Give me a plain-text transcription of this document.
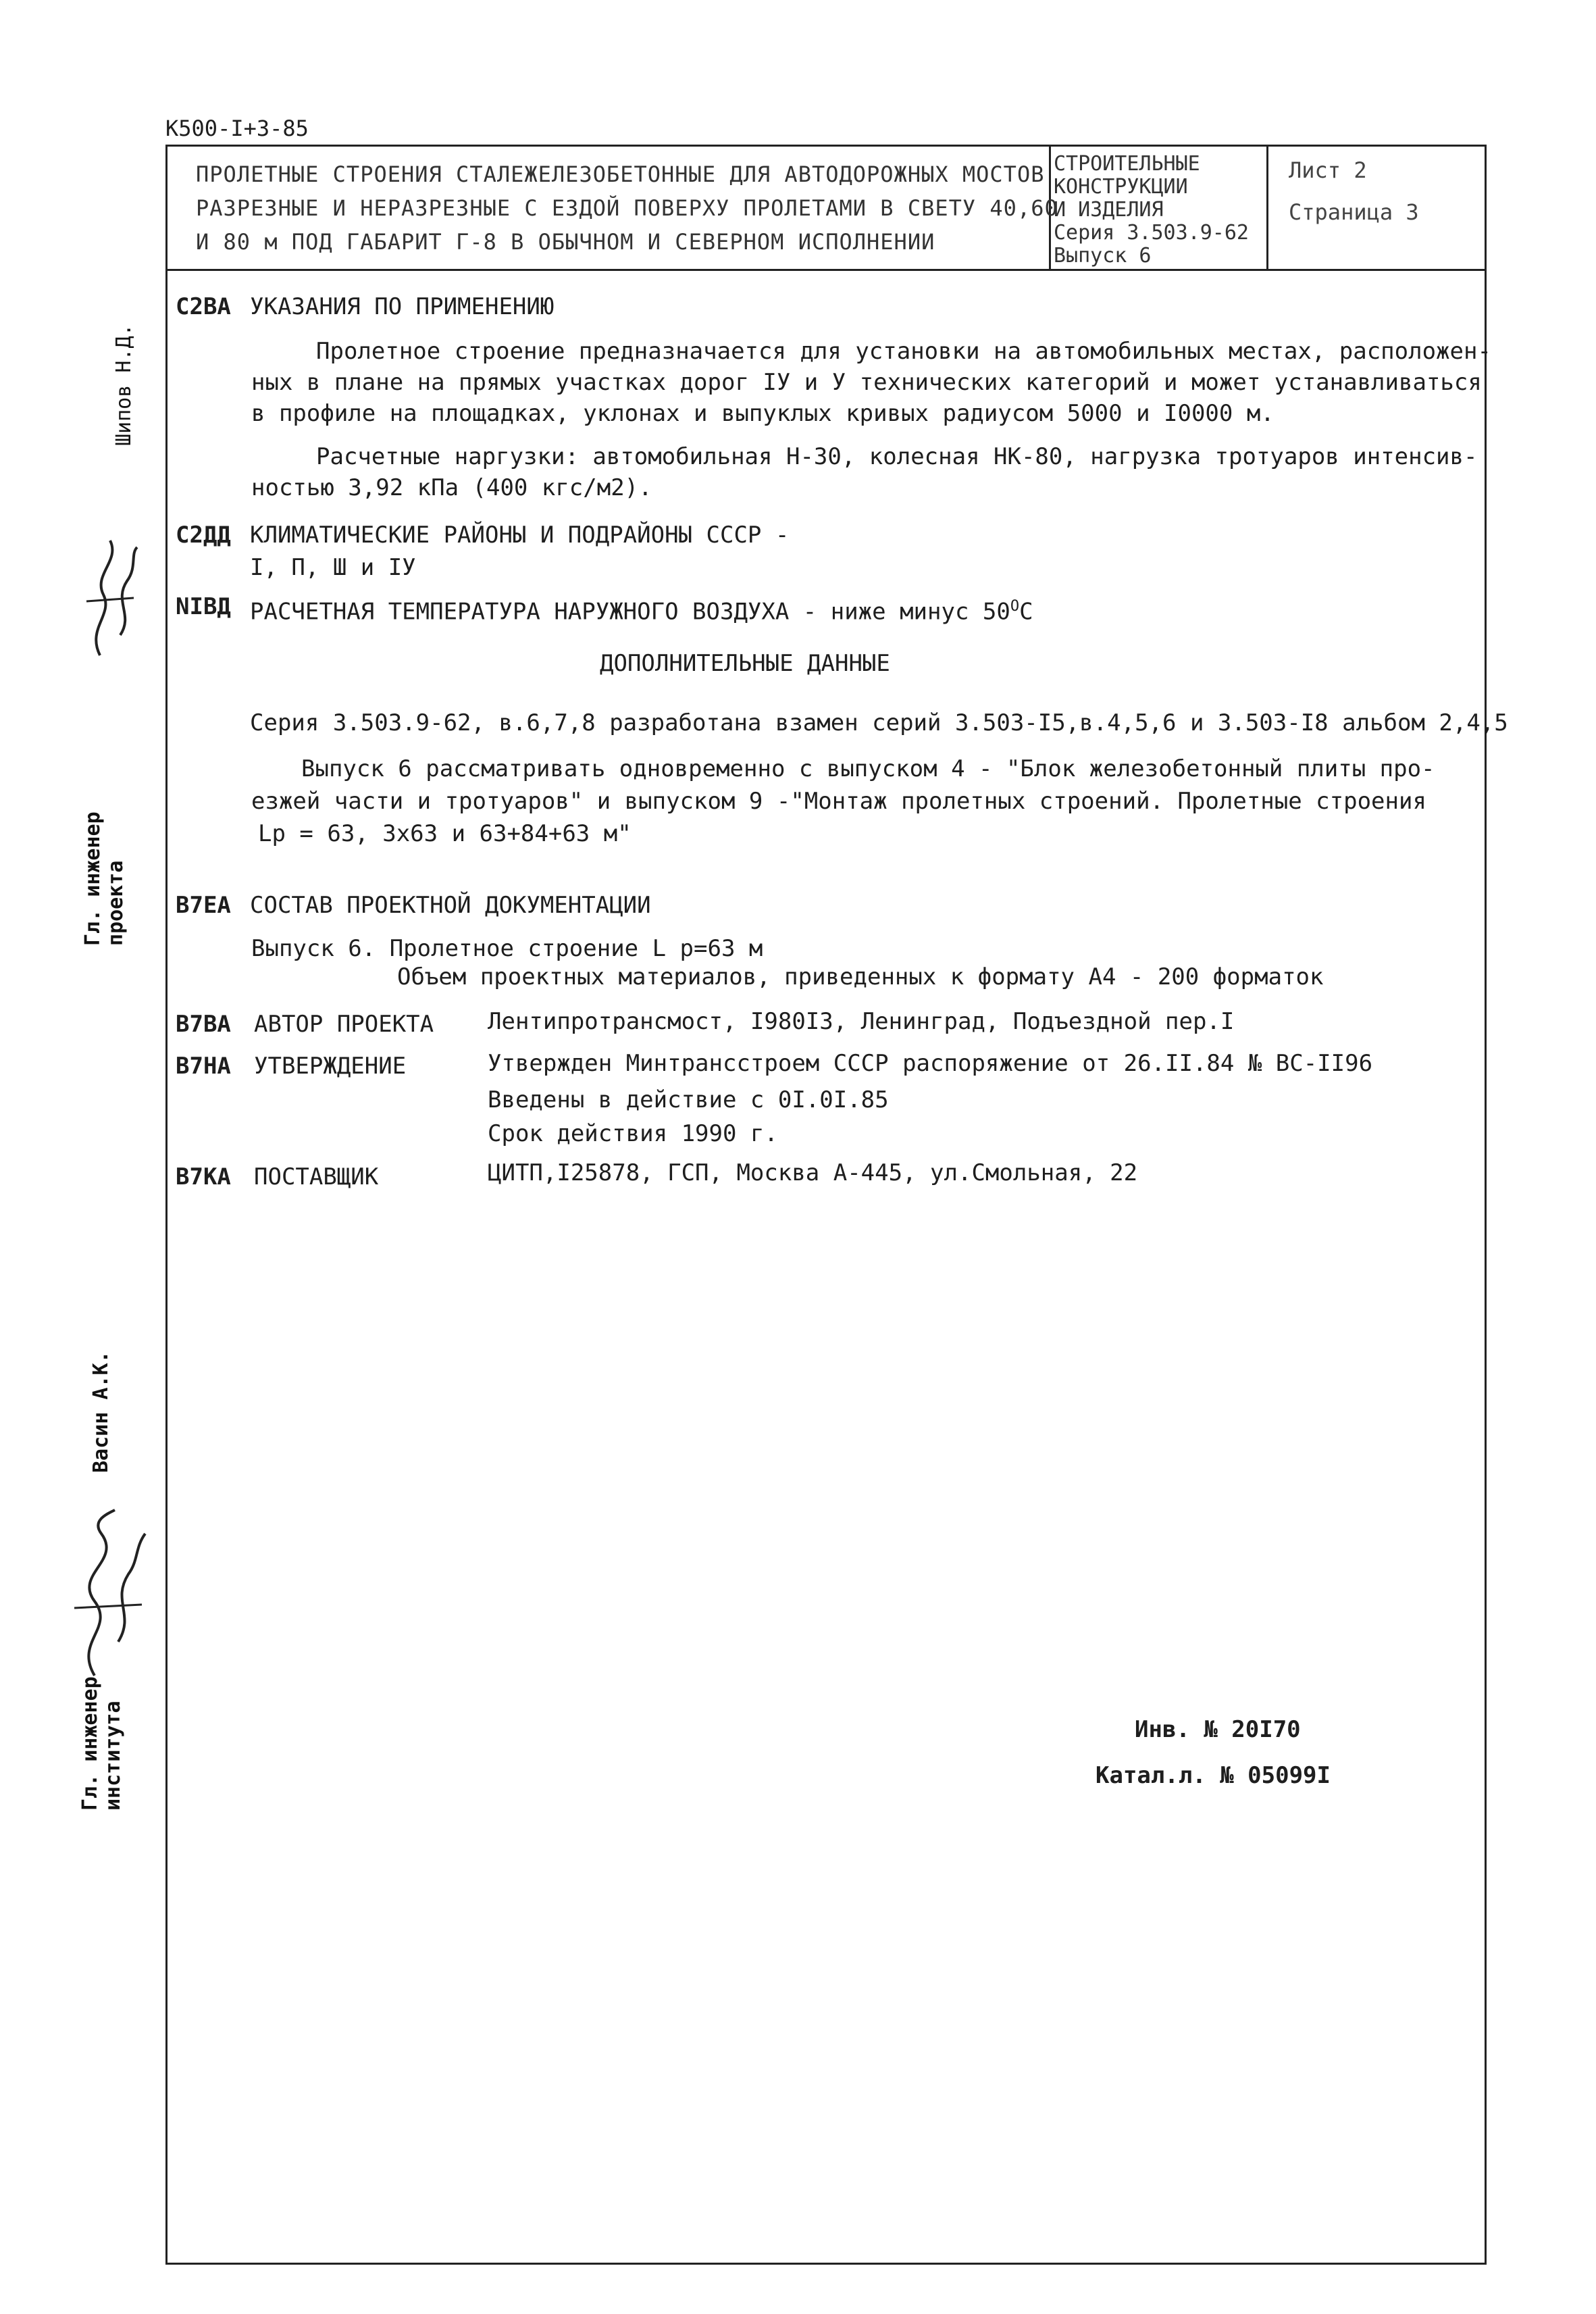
К500-I+3-85
ПРОЛЕТНЫЕ СТРОЕНИЯ СТАЛЕЖЕЛЕЗОБЕТОННЫЕ ДЛЯ АВТОДОРОЖНЫХ МОСТОВ
РАЗРЕЗНЫЕ И НЕРАЗРЕЗНЫЕ С ЕЗДОЙ ПОВЕРХУ ПРОЛЕТАМИ В СВЕТУ 40,60
И 80 м ПОД ГАБАРИТ Г-8 В ОБЫЧНОМ И СЕВЕРНОМ ИСПОЛНЕНИИ
СТРОИТЕЛЬНЫЕ
КОНСТРУКЦИИ
И ИЗДЕЛИЯ
Серия 3.503.9-62
Выпуск 6
Лист 2
Страница 3
С2ВА УКАЗАНИЯ ПО ПРИМЕНЕНИЮ
Пролетное строение предназначается для установки на автомобильных местах, расположен-
ных в плане на прямых участках дорог IУ и У технических категорий и может устанавливаться
в профиле на площадках, уклонах и выпуклых кривых радиусом 5000 и I0000 м.
Расчетные наргузки: автомобильная Н-30, колесная НК-80, нагрузка тротуаров интенсив-
ностью 3,92 кПа (400 кгс/м2).
С2ДД КЛИМАТИЧЕСКИЕ РАЙОНЫ И ПОДРАЙОНЫ СССР -
I, П, Ш и IУ
NIBД РАСЧЕТНАЯ ТЕМПЕРАТУРА НАРУЖНОГО ВОЗДУХА - ниже минус $50^ОС$
ДОПОЛНИТЕЛЬНЫЕ ДАННЫЕ
Серия 3.503.9-62, в.6,7,8 разработана взамен серий 3.503-I5,в.4,5,6 и 3.503-I8 альбом 2,4,5
Выпуск 6 рассматривать одновременно с выпуском 4 - "Блок железобетонный плиты про-
езжей части и тротуаров" и выпуском 9 -"Монтаж пролетных строений. Пролетные строения
Lp = 63, 3х63 и 63+84+63 м"
В7ЕА СОСТАВ ПРОЕКТНОЙ ДОКУМЕНТАЦИИ
Выпуск 6. Пролетное строение L p=63 м
Объем проектных материалов, приведенных к формату А4 - 200 форматок
В7ВА АВТОР ПРОЕКТА Лентипротрансмост, I980I3, Ленинград, Подъездной пер.I
В7НА УТВЕРЖДЕНИЕ	Утвержден Минтрансстроем СССР распоряжение от 26.II.84 № ВС-II96
Введены в действие с 0I.0I.85
Срок действия 1990 г.
В7КА ПОСТАВЩИК	ЦИТП,I25878, ГСП, Москва А-445, ул.Смольная, 22
Инв. № 20I70
Катал.л. № 05099I
Шипов Н.Д.
Гл. инженер проекта
Васин А.К.
Гл. инженер института
